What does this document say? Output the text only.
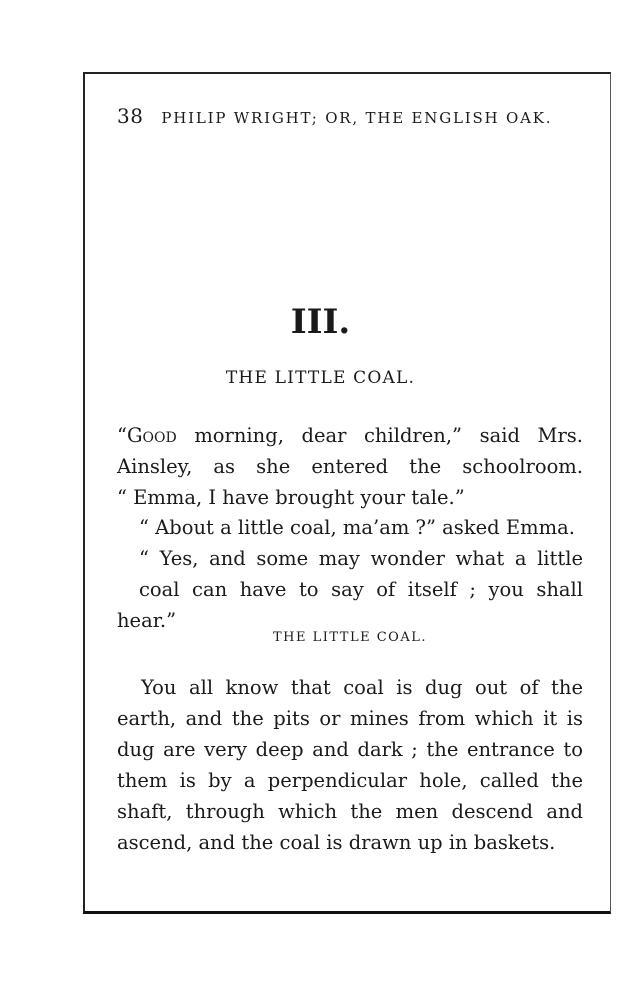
38 PHILIP WRIGHT; OR, THE ENGLISH OAK.
III.
THE LITTLE COAL.
“Good morning, dear children,” said Mrs.
Ainsley, as she entered the schoolroom.
“ Emma, I have brought your tale.”
“ About a little coal, ma’am ?” asked Emma.
“ Yes, and some may wonder what a little
coal can have to say of itself ; you shall hear.”
THE LITTLE COAL.
You all know that coal is dug out of the
earth, and the pits or mines from which it is
dug are very deep and dark ; the entrance to
them is by a perpendicular hole, called the
shaft, through which the men descend and
ascend, and the coal is drawn up in baskets.
